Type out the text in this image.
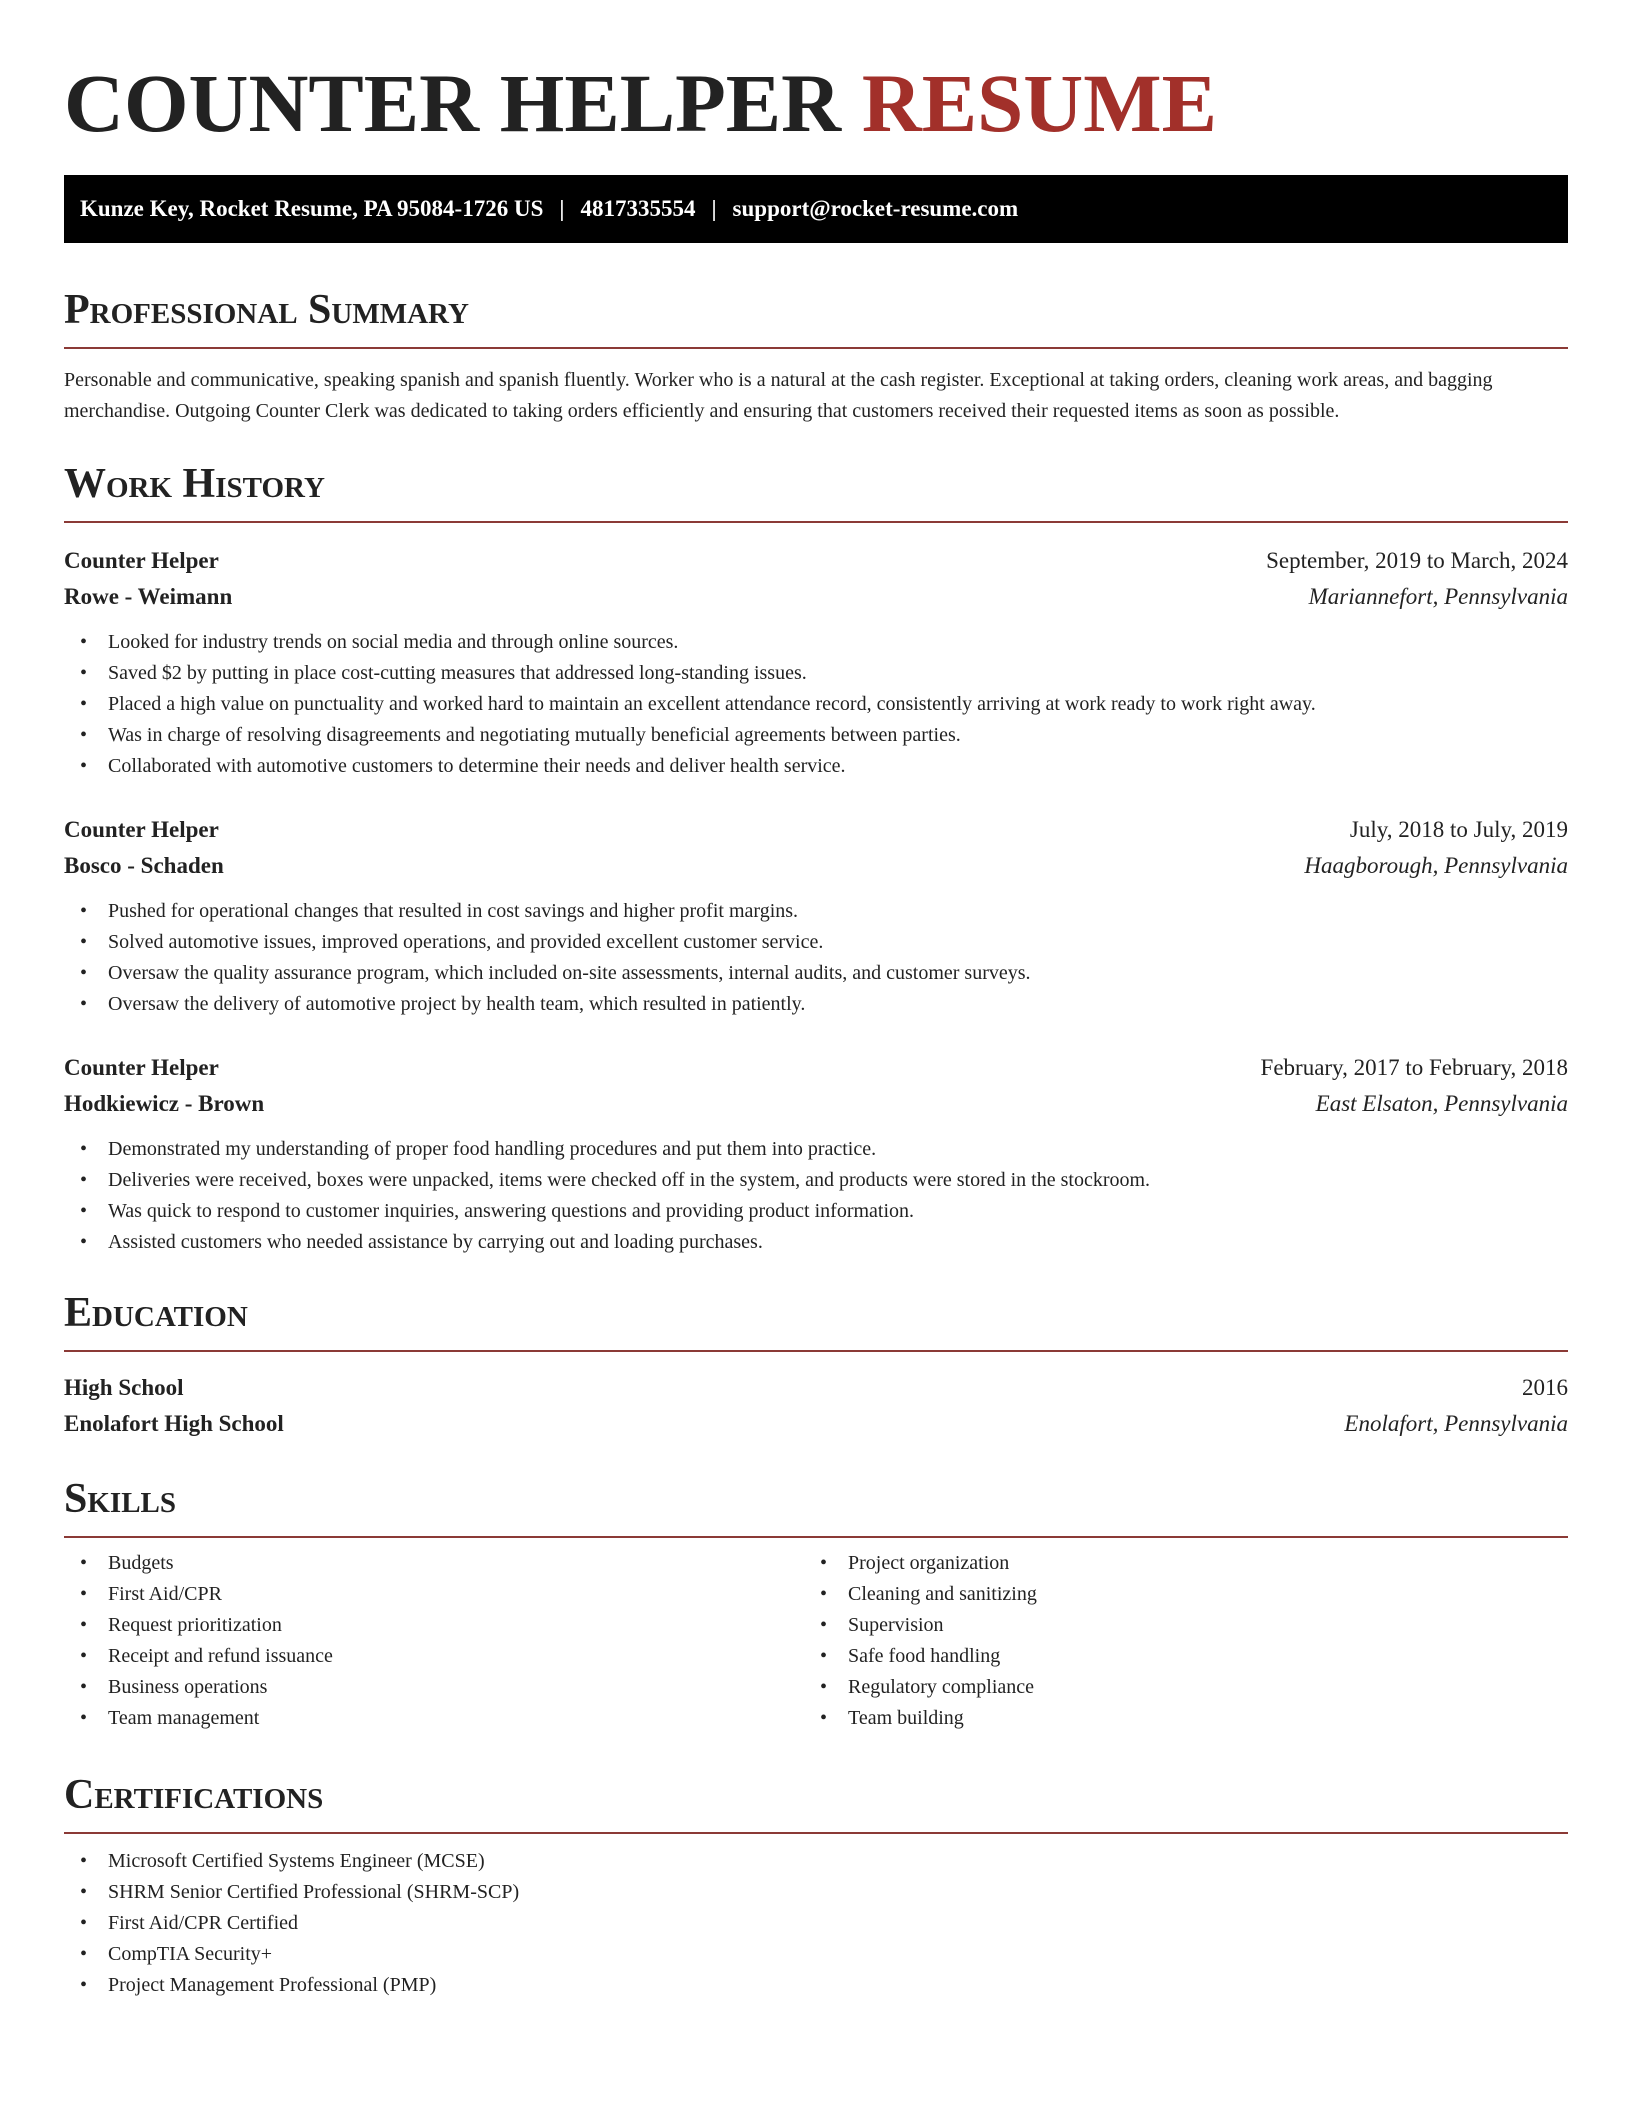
COUNTER HELPER RESUME
Kunze Key, Rocket Resume, PA 95084-1726 US | 4817335554 | support@rocket-resume.com
Professional Summary

Personable and communicative, speaking spanish and spanish fluently. Worker who is a natural at the cash register. Exceptional at taking orders, cleaning work areas, and bagging merchandise. Outgoing Counter Clerk was dedicated to taking orders efficiently and ensuring that customers received their requested items as soon as possible.

Work History
Counter Helper	September, 2019 to March, 2024
Rowe - Weimann	Mariannefort, Pennsylvania
• Looked for industry trends on social media and through online sources.
• Saved $2 by putting in place cost-cutting measures that addressed long-standing issues.
• Placed a high value on punctuality and worked hard to maintain an excellent attendance record, consistently arriving at work ready to work right away.
• Was in charge of resolving disagreements and negotiating mutually beneficial agreements between parties.
• Collaborated with automotive customers to determine their needs and deliver health service.
Counter Helper	July, 2018 to July, 2019
Bosco - Schaden	Haagborough, Pennsylvania
• Pushed for operational changes that resulted in cost savings and higher profit margins.
• Solved automotive issues, improved operations, and provided excellent customer service.
• Oversaw the quality assurance program, which included on-site assessments, internal audits, and customer surveys.
• Oversaw the delivery of automotive project by health team, which resulted in patiently.
Counter Helper	February, 2017 to February, 2018
Hodkiewicz - Brown	East Elsaton, Pennsylvania
• Demonstrated my understanding of proper food handling procedures and put them into practice.
• Deliveries were received, boxes were unpacked, items were checked off in the system, and products were stored in the stockroom.
• Was quick to respond to customer inquiries, answering questions and providing product information.
• Assisted customers who needed assistance by carrying out and loading purchases.
Education
High School	2016
Enolafort High School	Enolafort, Pennsylvania
Skills
• Budgets
• First Aid/CPR
• Request prioritization
• Receipt and refund issuance
• Business operations
• Team management
• Project organization
• Cleaning and sanitizing
• Supervision
• Safe food handling
• Regulatory compliance
• Team building
Certifications
• Microsoft Certified Systems Engineer (MCSE)
• SHRM Senior Certified Professional (SHRM-SCP)
• First Aid/CPR Certified
• CompTIA Security+
• Project Management Professional (PMP)
